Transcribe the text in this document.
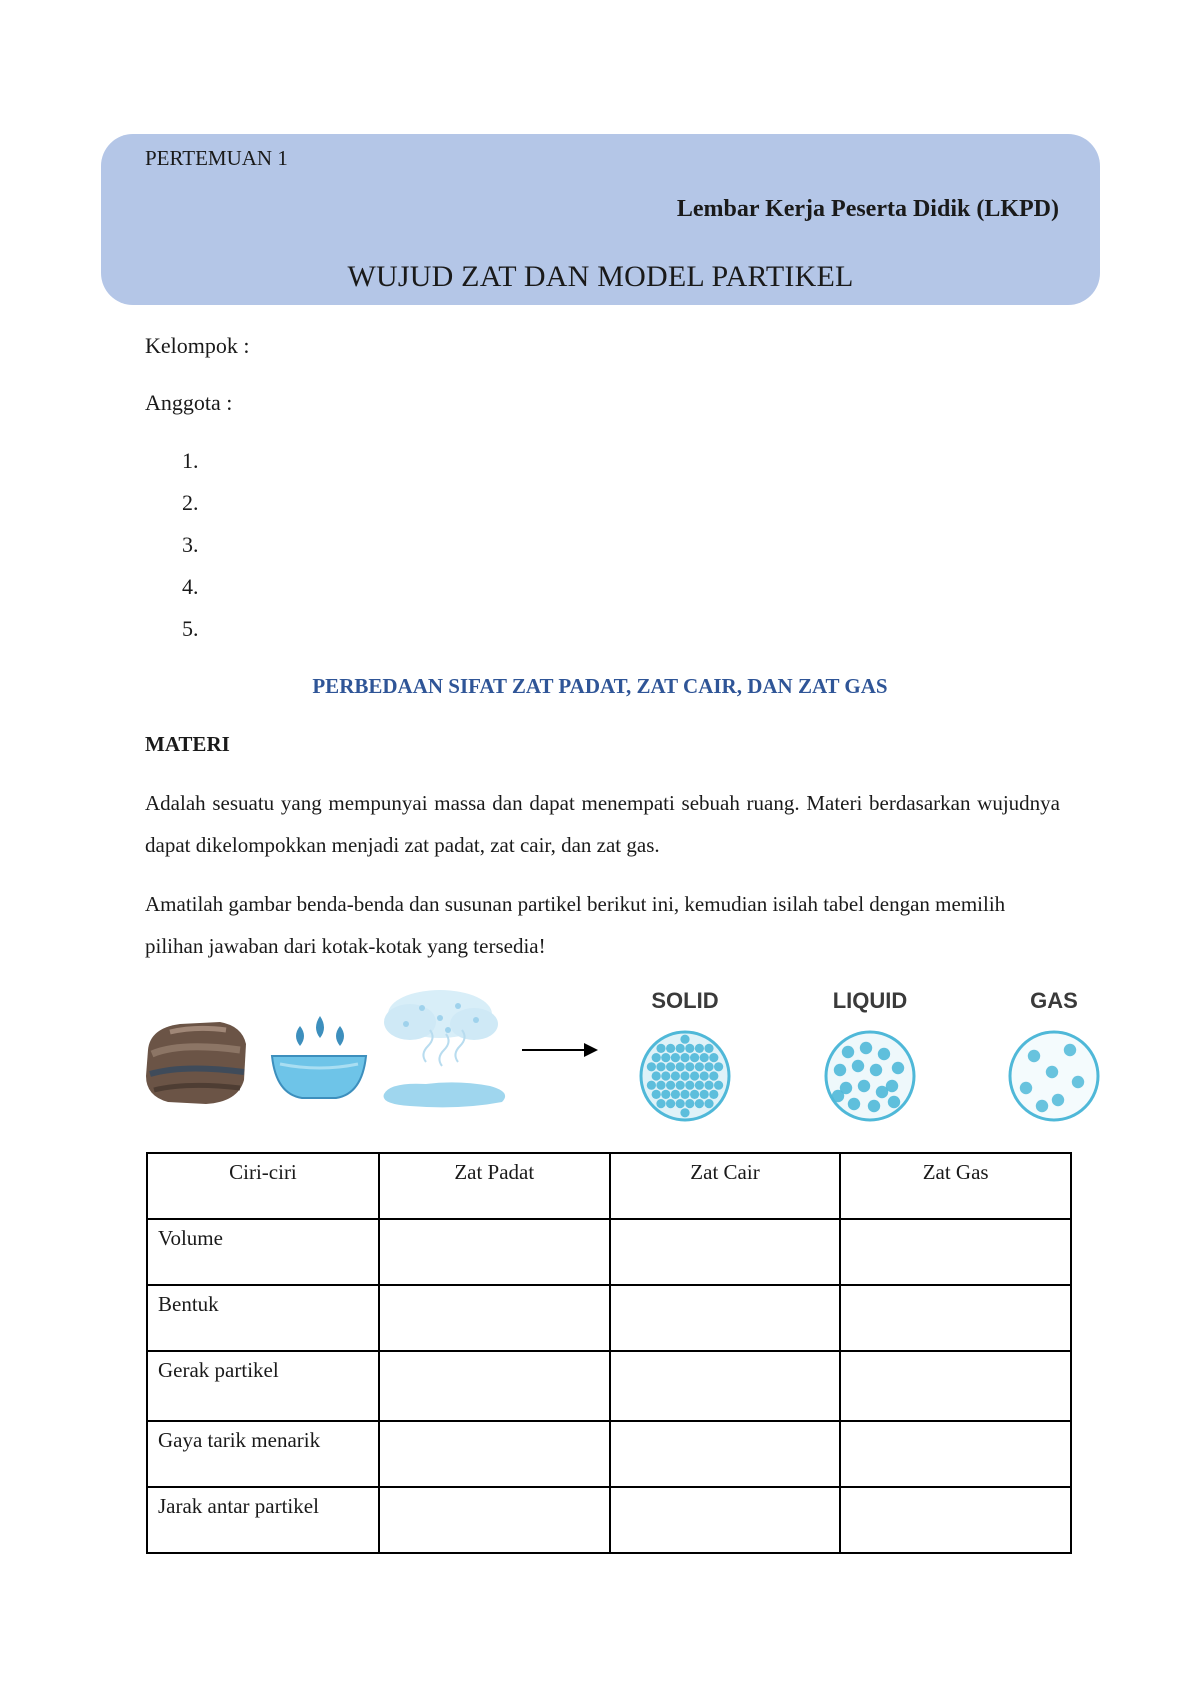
PERTEMUAN 1
Lembar Kerja Peserta Didik (LKPD)
WUJUD ZAT DAN MODEL PARTIKEL
Kelompok :
Anggota :
1.
2.
3.
4.
5.
PERBEDAAN SIFAT ZAT PADAT, ZAT CAIR, DAN ZAT GAS
MATERI

Adalah sesuatu yang mempunyai massa dan dapat menempati sebuah ruang. Materi berdasarkan wujudnya dapat dikelompokkan menjadi zat padat, zat cair, dan zat gas.

Amatilah gambar benda-benda dan susunan partikel berikut ini, kemudian isilah tabel dengan memilih pilihan jawaban dari kotak-kotak yang tersedia!

SOLID	LIQUID	GAS
Ciri-ciri	Zat Padat	Zat Cair	Zat Gas
Volume			
Bentuk			
Gerak partikel			
Gaya tarik menarik			
Jarak antar partikel			
